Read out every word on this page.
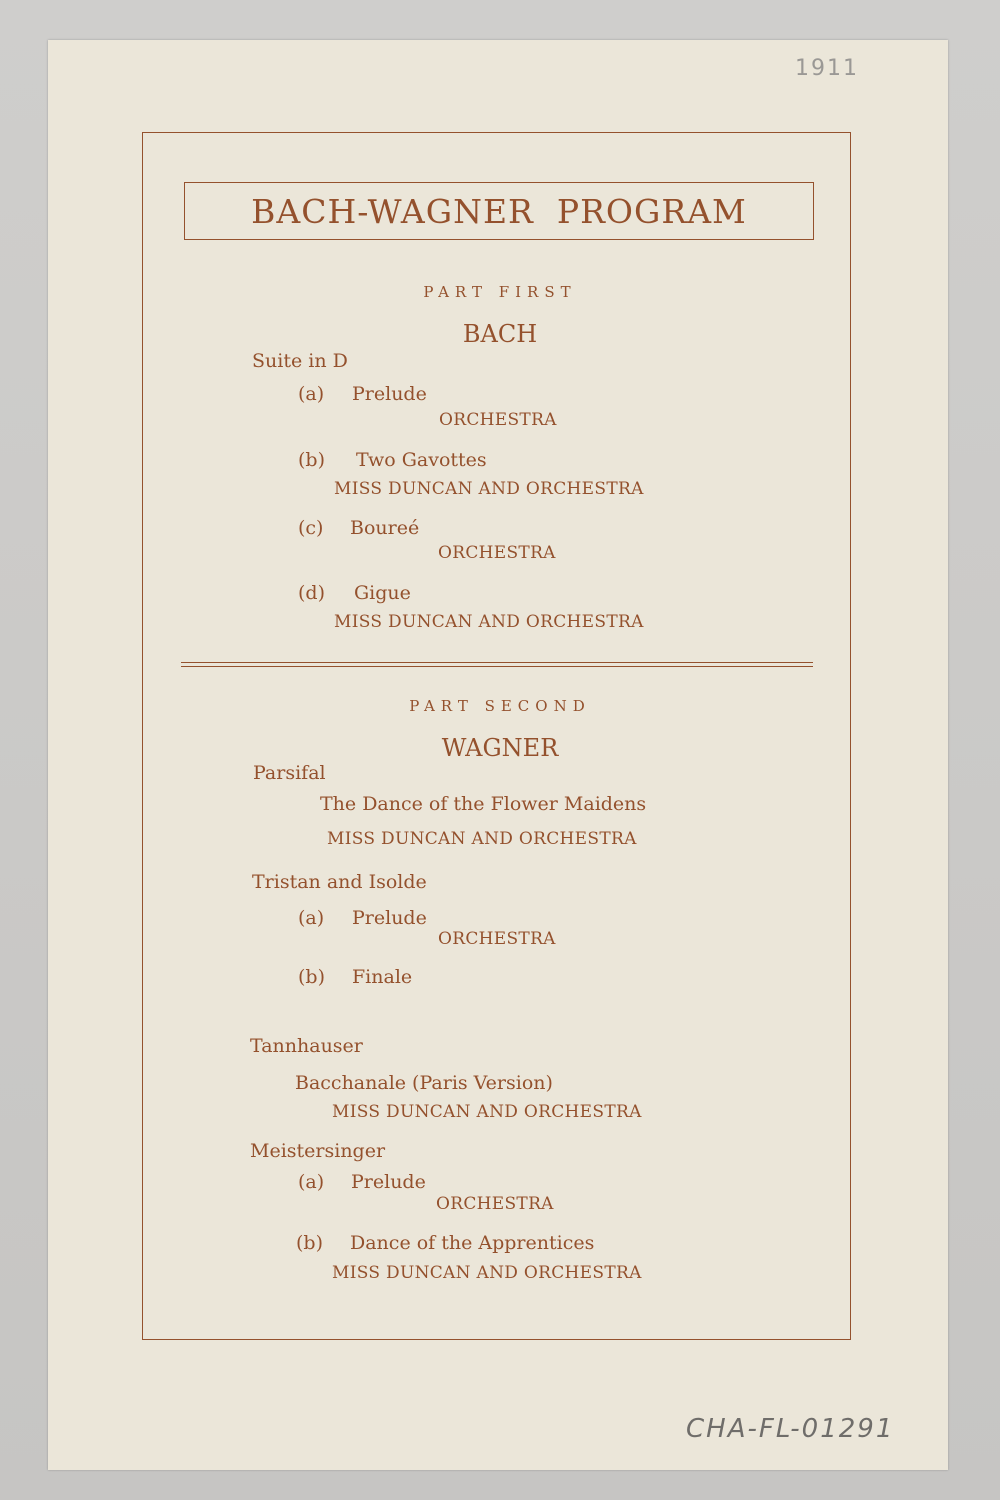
1911
BACH-WAGNER  PROGRAM
PART FIRST
BACH
Suite in D
(a) Prelude
ORCHESTRA
(b) Two Gavottes
MISS DUNCAN AND ORCHESTRA
(c) Boureé
ORCHESTRA
(d) Gigue
MISS DUNCAN AND ORCHESTRA
PART SECOND
WAGNER
Parsifal
The Dance of the Flower Maidens
MISS DUNCAN AND ORCHESTRA
Tristan and Isolde
(a) Prelude
ORCHESTRA
(b) Finale
Tannhauser
Bacchanale (Paris Version)
MISS DUNCAN AND ORCHESTRA
Meistersinger
(a) Prelude
ORCHESTRA
(b) Dance of the Apprentices
MISS DUNCAN AND ORCHESTRA
CHA-FL-01291
